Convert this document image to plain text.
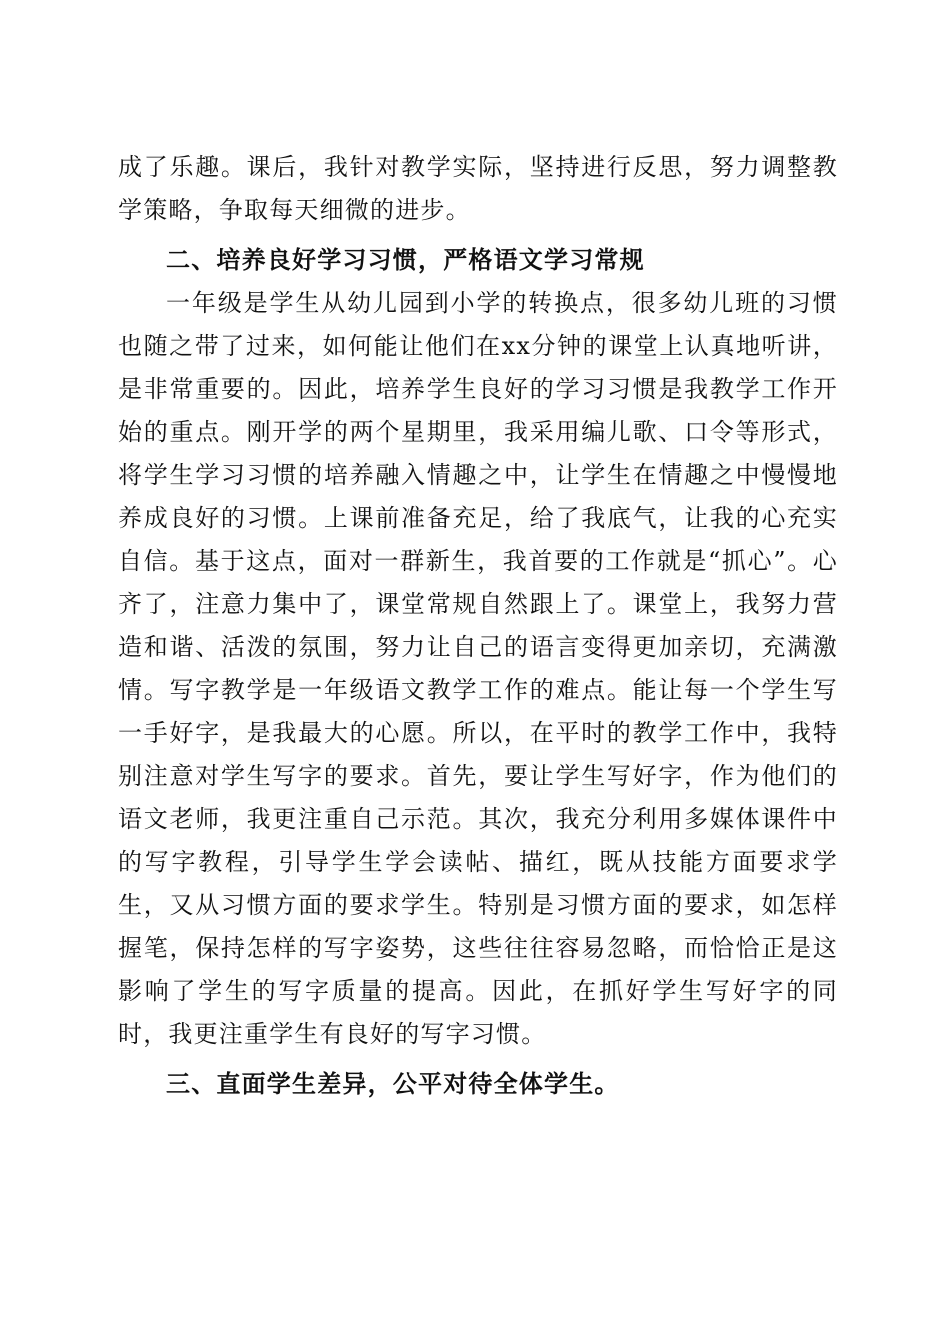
成了乐趣。课后，我针对教学实际，坚持进行反思，努力调整教学策略，争取每天细微的进步。

二、培养良好学习习惯，严格语文学习常规

一年级是学生从幼儿园到小学的转换点，很多幼儿班的习惯也随之带了过来，如何能让他们在xx分钟的课堂上认真地听讲，是非常重要的。因此，培养学生良好的学习习惯是我教学工作开始的重点。刚开学的两个星期里，我采用编儿歌、口令等形式，将学生学习习惯的培养融入情趣之中，让学生在情趣之中慢慢地养成良好的习惯。上课前准备充足，给了我底气，让我的心充实自信。基于这点，面对一群新生，我首要的工作就是“抓心”。心齐了，注意力集中了，课堂常规自然跟上了。课堂上，我努力营造和谐、活泼的氛围，努力让自己的语言变得更加亲切，充满激情。写字教学是一年级语文教学工作的难点。能让每一个学生写一手好字，是我最大的心愿。所以，在平时的教学工作中，我特别注意对学生写字的要求。首先，要让学生写好字，作为他们的语文老师，我更注重自己示范。其次，我充分利用多媒体课件中的写字教程，引导学生学会读帖、描红，既从技能方面要求学生，又从习惯方面的要求学生。特别是习惯方面的要求，如怎样握笔，保持怎样的写字姿势，这些往往容易忽略，而恰恰正是这影响了学生的写字质量的提高。因此，在抓好学生写好字的同时，我更注重学生有良好的写字习惯。

三、直面学生差异，公平对待全体学生。
